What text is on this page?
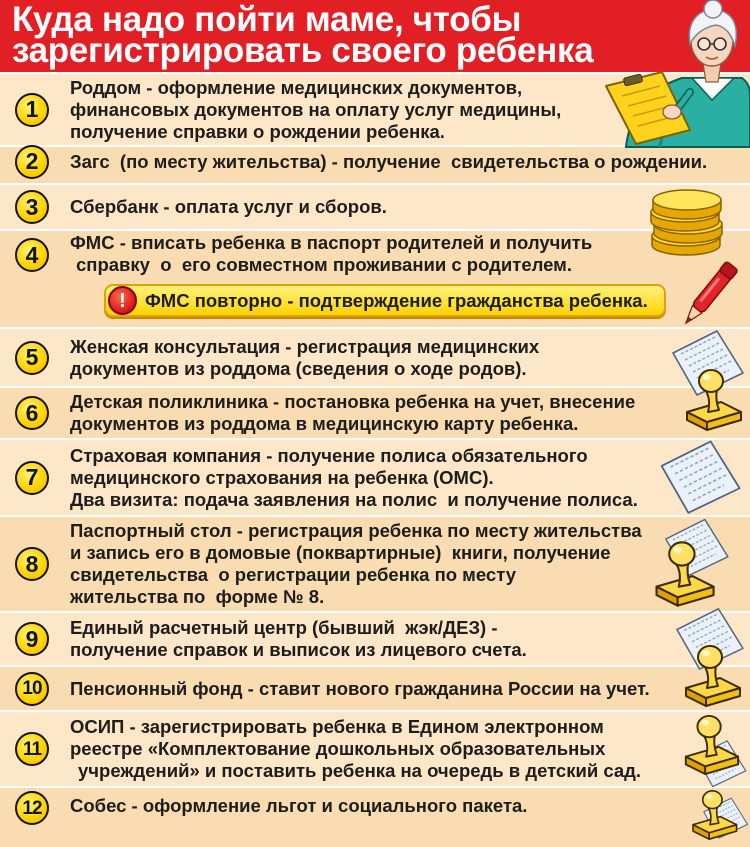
Куда надо пойти маме, чтобы
зарегистрировать своего ребенка
1
Роддом - оформление медицинских документов,
финансовых документов на оплату услуг медицины,
получение справки о рождении ребенка.
2	Загс  (по месту жительства) - получение  свидетельства о рождении.
3	Сбербанк - оплата услуг и сборов.
4	ФМС - вписать ребенка в паспорт родителей и получить
справку  о  его совместном проживании с родителем.
!	ФМС повторно - подтверждение гражданства ребенка.
5	Женская консультация - регистрация медицинских
документов из роддома (сведения о ходе родов).
6	Детская поликлиника - постановка ребенка на учет, внесение
документов из роддома в медицинскую карту ребенка.
7
Страховая компания - получение полиса обязательного
медицинского страхования на ребенка (ОМС).
Два визита: подача заявления на полис  и получение полиса.
8
Паспортный стол - регистрация ребенка по месту жительства
и запись его в домовые (поквартирные)  книги, получение
свидетельства  о регистрации ребенка по месту
жительства по  форме № 8.
9	Единый расчетный центр (бывший  жэк/ДЕЗ) -
получение справок и выписок из лицевого счета.
10	Пенсионный фонд - ставит нового гражданина России на учет.
11
ОСИП - зарегистрировать ребенка в Едином электронном
реестре «Комплектование дошкольных образовательных
учреждений» и поставить ребенка на очередь в детский сад.
12	Собес - оформление льгот и социального пакета.
